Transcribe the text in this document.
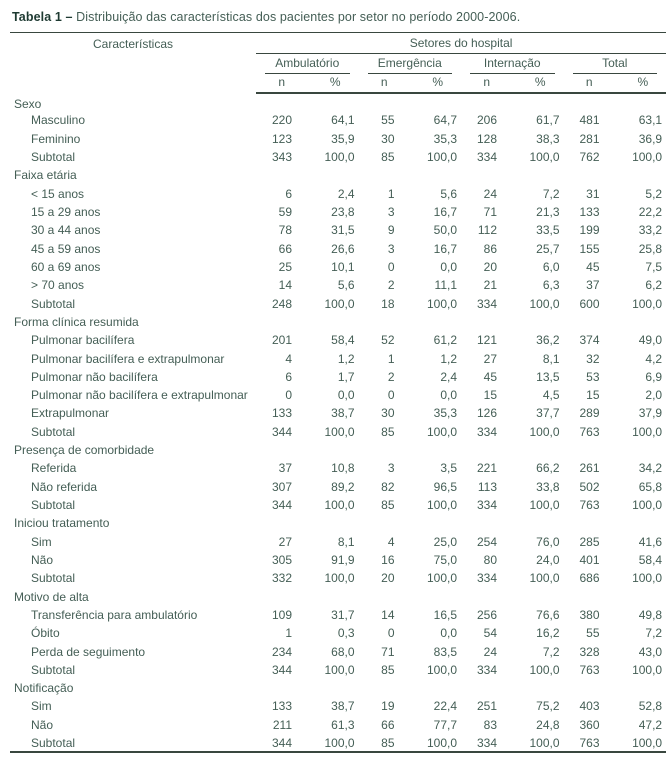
Tabela 1 – Distribuição das características dos pacientes por setor no período 2000-2006.
Características	Setores do hospital							

	Ambulatório		Emergência		Internação		Total	

	n	%	n	%	n	%	n	%
Sexo								
Masculino	220	64,1	55	64,7	206	61,7	481	63,1
Feminino	123	35,9	30	35,3	128	38,3	281	36,9
Subtotal	343	100,0	85	100,0	334	100,0	762	100,0
Faixa etária								
< 15 anos	6	2,4	1	5,6	24	7,2	31	5,2
15 a 29 anos	59	23,8	3	16,7	71	21,3	133	22,2
30 a 44 anos	78	31,5	9	50,0	112	33,5	199	33,2
45 a 59 anos	66	26,6	3	16,7	86	25,7	155	25,8
60 a 69 anos	25	10,1	0	0,0	20	6,0	45	7,5
> 70 anos	14	5,6	2	11,1	21	6,3	37	6,2
Subtotal	248	100,0	18	100,0	334	100,0	600	100,0
Forma clínica resumida								
Pulmonar bacilífera	201	58,4	52	61,2	121	36,2	374	49,0
Pulmonar bacilífera e extrapulmonar	4	1,2	1	1,2	27	8,1	32	4,2
Pulmonar não bacilífera	6	1,7	2	2,4	45	13,5	53	6,9
Pulmonar não bacilífera e extrapulmonar	0	0,0	0	0,0	15	4,5	15	2,0
Extrapulmonar	133	38,7	30	35,3	126	37,7	289	37,9
Subtotal	344	100,0	85	100,0	334	100,0	763	100,0
Presença de comorbidade								
Referida	37	10,8	3	3,5	221	66,2	261	34,2
Não referida	307	89,2	82	96,5	113	33,8	502	65,8
Subtotal	344	100,0	85	100,0	334	100,0	763	100,0
Iniciou tratamento								
Sim	27	8,1	4	25,0	254	76,0	285	41,6
Não	305	91,9	16	75,0	80	24,0	401	58,4
Subtotal	332	100,0	20	100,0	334	100,0	686	100,0
Motivo de alta								
Transferência para ambulatório	109	31,7	14	16,5	256	76,6	380	49,8
Óbito	1	0,3	0	0,0	54	16,2	55	7,2
Perda de seguimento	234	68,0	71	83,5	24	7,2	328	43,0
Subtotal	344	100,0	85	100,0	334	100,0	763	100,0
Notificação								
Sim	133	38,7	19	22,4	251	75,2	403	52,8
Não	211	61,3	66	77,7	83	24,8	360	47,2
Subtotal	344	100,0	85	100,0	334	100,0	763	100,0
